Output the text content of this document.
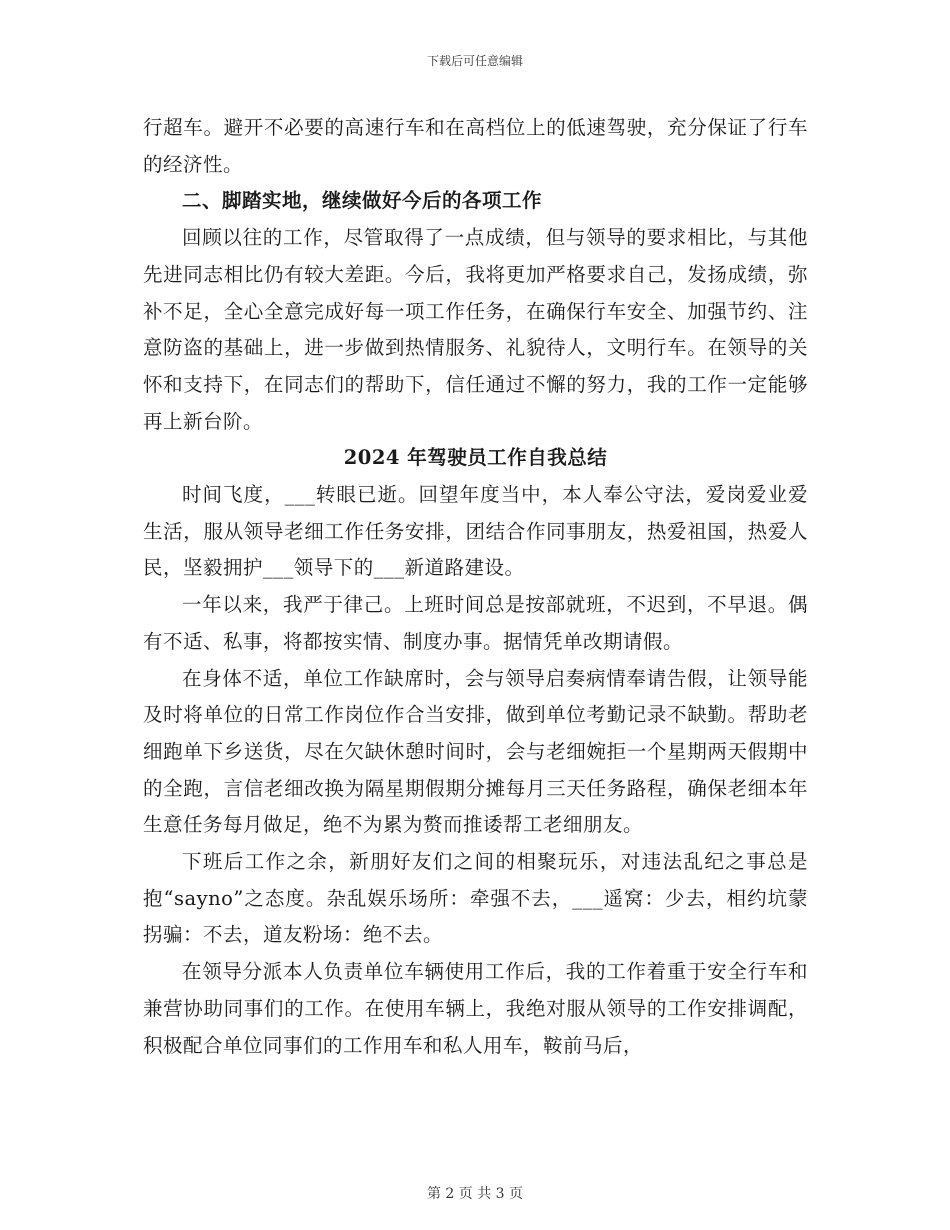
下载后可任意编辑

行超车。避开不必要的高速行车和在高档位上的低速驾驶，充分保证了行车的经济性。

二、脚踏实地，继续做好今后的各项工作

回顾以往的工作，尽管取得了一点成绩，但与领导的要求相比，与其他先进同志相比仍有较大差距。今后，我将更加严格要求自己，发扬成绩，弥补不足，全心全意完成好每一项工作任务，在确保行车安全、加强节约、注意防盗的基础上，进一步做到热情服务、礼貌待人，文明行车。在领导的关怀和支持下，在同志们的帮助下，信任通过不懈的努力，我的工作一定能够再上新台阶。

2024 年驾驶员工作自我总结

时间飞度，___转眼已逝。回望年度当中，本人奉公守法，爱岗爱业爱生活，服从领导老细工作任务安排，团结合作同事朋友，热爱祖国，热爱人民，坚毅拥护___领导下的___新道路建设。

一年以来，我严于律己。上班时间总是按部就班，不迟到，不早退。偶有不适、私事，将都按实情、制度办事。据情凭单改期请假。

在身体不适，单位工作缺席时，会与领导启奏病情奉请告假，让领导能及时将单位的日常工作岗位作合当安排，做到单位考勤记录不缺勤。帮助老细跑单下乡送货，尽在欠缺休憩时间时，会与老细婉拒一个星期两天假期中的全跑，言信老细改换为隔星期假期分摊每月三天任务路程，确保老细本年生意任务每月做足，绝不为累为赘而推诿帮工老细朋友。

下班后工作之余，新朋好友们之间的相聚玩乐，对违法乱纪之事总是抱“sayno”之态度。杂乱娱乐场所：牵强不去，___遥窝：少去，相约坑蒙拐骗：不去，道友粉场：绝不去。

在领导分派本人负责单位车辆使用工作后，我的工作着重于安全行车和兼营协助同事们的工作。在使用车辆上，我绝对服从领导的工作安排调配，积极配合单位同事们的工作用车和私人用车，鞍前马后，

第 2 页 共 3 页
